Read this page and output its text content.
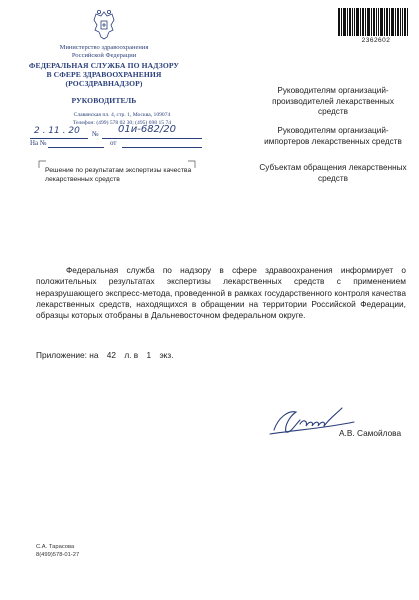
Министерство здравоохранения
Российской Федерации
ФЕДЕРАЛЬНАЯ СЛУЖБА ПО НАДЗОРУ
В СФЕРЕ ЗДРАВООХРАНЕНИЯ
(РОСЗДРАВНАДЗОР)
РУКОВОДИТЕЛЬ
Славянская пл. 4, стр. 1, Москва, 109074
Телефон: (499) 578 02 30; (495) 698 15 74
2 . 11 . 20 № 01и-682/20
На №	от
Решение по результатам экспертизы качества лекарственных средств
2362602
Руководителям организаций-производителей лекарственных средств
Руководителям организаций-импортеров лекарственных средств
Субъектам обращения лекарственных средств
Федеральная служба по надзору в сфере здравоохранения информирует о положительных результатах экспертизы лекарственных средств с применением неразрушающего экспресс-метода, проведенной в рамках государственного контроля качества лекарственных средств, находящихся в обращении на территории Российской Федерации, образцы которых отобраны в Дальневосточном федеральном округе.
Приложение: на 42 л. в 1 экз.
А.В. Самойлова
С.А. Тарасова
8(499)578-01-27
